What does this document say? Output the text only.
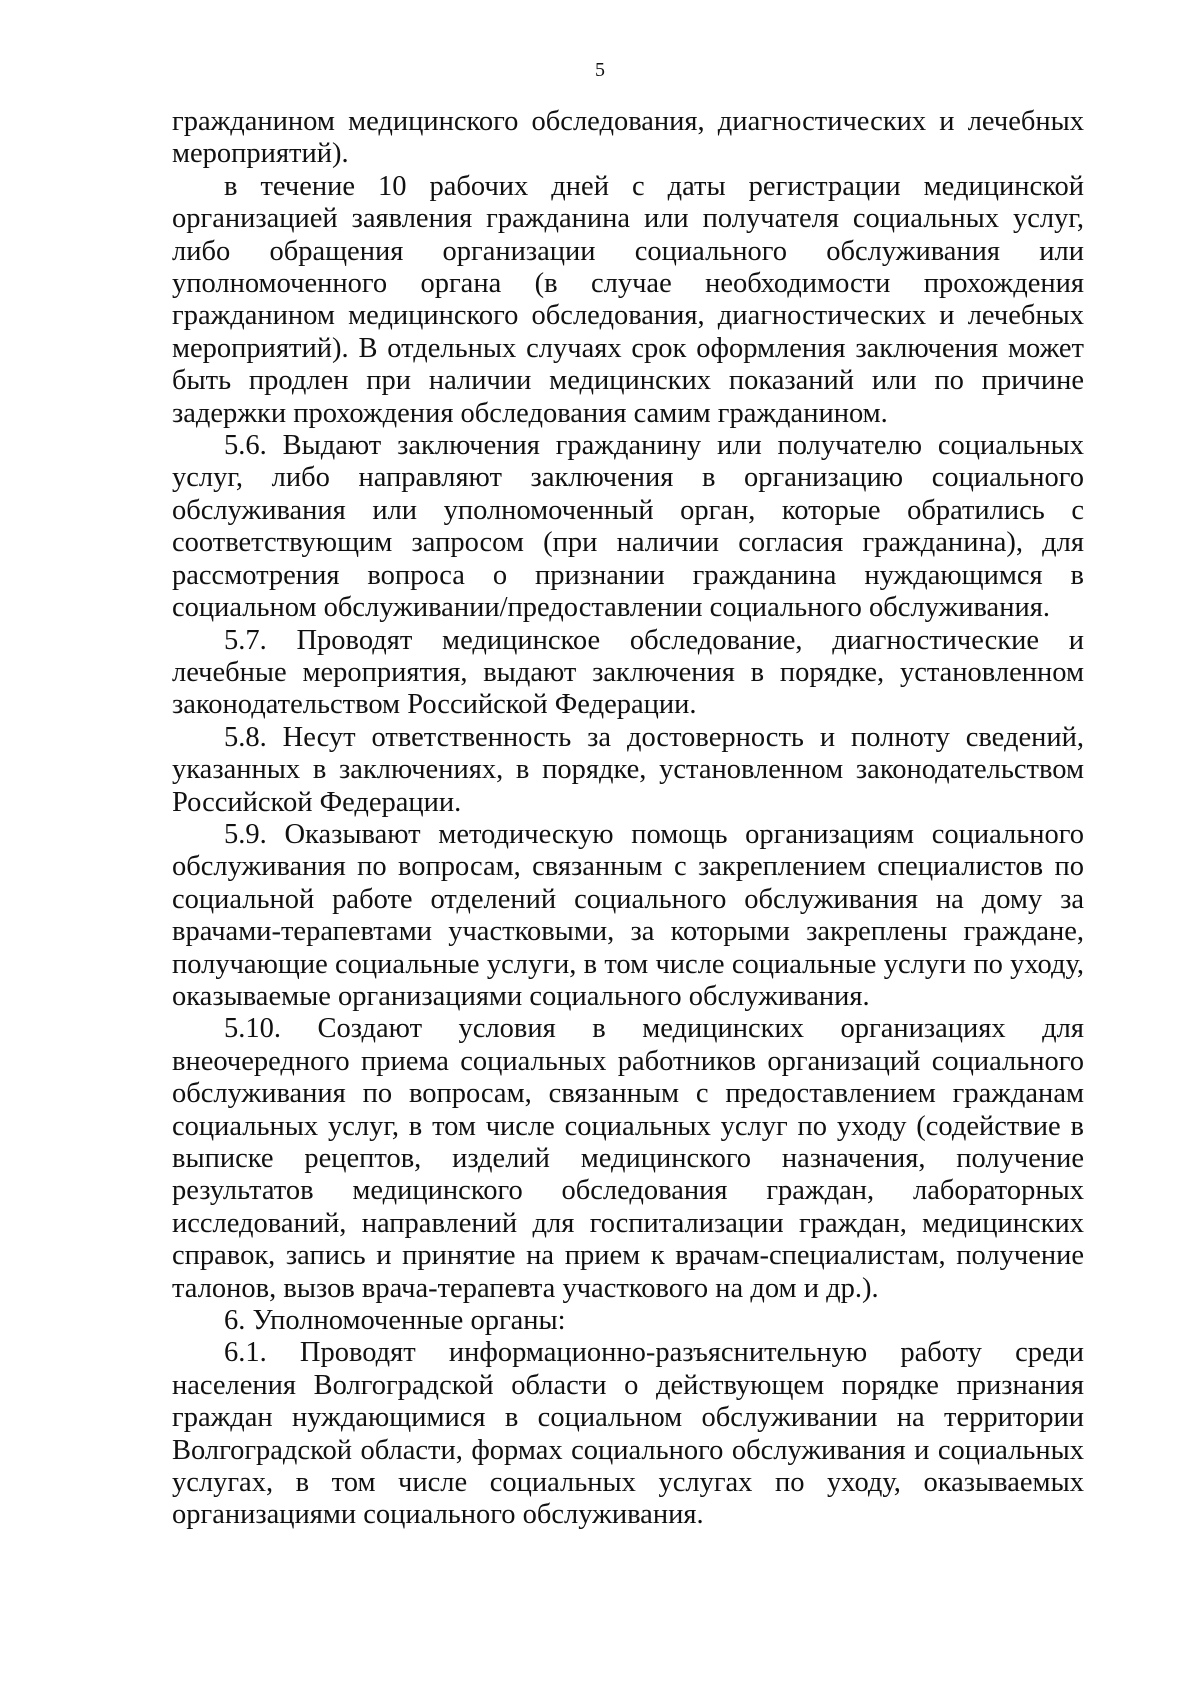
5

гражданином медицинского обследования, диагностических и лечебных мероприятий).

в течение 10 рабочих дней с даты регистрации медицинской организацией заявления гражданина или получателя социальных услуг, либо обращения организации социального обслуживания или уполномоченного органа (в случае необходимости прохождения гражданином медицинского обследования, диагностических и лечебных мероприятий). В отдельных случаях срок оформления заключения может быть продлен при наличии медицинских показаний или по причине задержки прохождения обследования самим гражданином.

5.6. Выдают заключения гражданину или получателю социальных услуг, либо направляют заключения в организацию социального обслуживания или уполномоченный орган, которые обратились с соответствующим запросом (при наличии согласия гражданина), для рассмотрения вопроса о признании гражданина нуждающимся в социальном обслуживании/предоставлении социального обслуживания.

5.7. Проводят медицинское обследование, диагностические и лечебные мероприятия, выдают заключения в порядке, установленном законодательством Российской Федерации.

5.8. Несут ответственность за достоверность и полноту сведений, указанных в заключениях, в порядке, установленном законодательством Российской Федерации.

5.9. Оказывают методическую помощь организациям социального обслуживания по вопросам, связанным с закреплением специалистов по социальной работе отделений социального обслуживания на дому за врачами-терапевтами участковыми, за которыми закреплены граждане, получающие социальные услуги, в том числе социальные услуги по уходу, оказываемые организациями социального обслуживания.

5.10. Создают условия в медицинских организациях для внеочередного приема социальных работников организаций социального обслуживания по вопросам, связанным с предоставлением гражданам социальных услуг, в том числе социальных услуг по уходу (содействие в выписке рецептов, изделий медицинского назначения, получение результатов медицинского обследования граждан, лабораторных исследований, направлений для госпитализации граждан, медицинских справок, запись и принятие на прием к врачам-специалистам, получение талонов, вызов врача-терапевта участкового на дом и др.).

6. Уполномоченные органы:

6.1. Проводят информационно-разъяснительную работу среди населения Волгоградской области о действующем порядке признания граждан нуждающимися в социальном обслуживании на территории Волгоградской области, формах социального обслуживания и социальных услугах, в том числе социальных услугах по уходу, оказываемых организациями социального обслуживания.
